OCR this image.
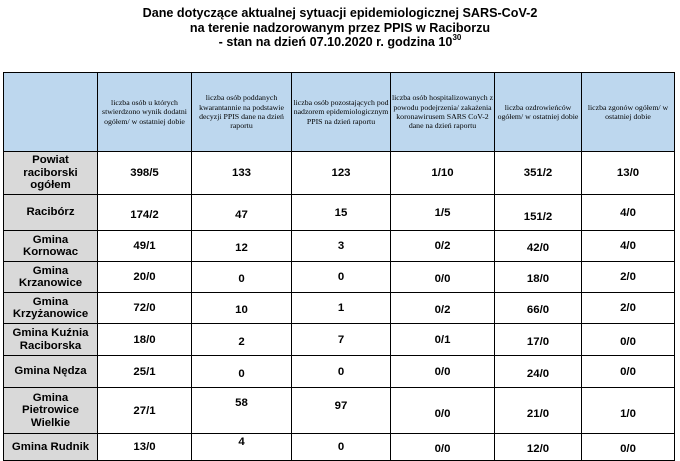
Dane dotyczące aktualnej sytuacji epidemiologicznej SARS-CoV-2
na terenie nadzorowanym przez PPIS w Raciborzu
- stan na dzień 07.10.2020 r. godzina $10^{30}$
	liczba osób u których stwierdzono wynik dodatni ogółem/ w ostatniej dobie	liczba osób poddanych kwarantannie na podstawie decyzji PPIS dane na dzień raportu	liczba osób pozostających pod nadzorem epidemiologicznym PPIS na dzień raportu	liczba osób hospitalizowanych z powodu podejrzenia/ zakażenia koronawirusem SARS CoV-2 dane na dzień raportu	liczba ozdrowieńców ogółem/ w ostatniej dobie	liczba zgonów ogółem/ w ostatniej dobie
Powiat raciborski ogółem	398/5	133	123	1/10	351/2	13/0
Racibórz	174/2	47	15	1/5	151/2	4/0
Gmina Kornowac	49/1	12	3	0/2	42/0	4/0
Gmina Krzanowice	20/0	0	0	0/0	18/0	2/0
Gmina Krzyżanowice	72/0	10	1	0/2	66/0	2/0
Gmina Kuźnia Raciborska	18/0	2	7	0/1	17/0	0/0
Gmina Nędza	25/1	0	0	0/0	24/0	0/0
Gmina Pietrowice Wielkie	27/1	58	97	0/0	21/0	1/0
Gmina Rudnik	13/0	4	0	0/0	12/0	0/0
